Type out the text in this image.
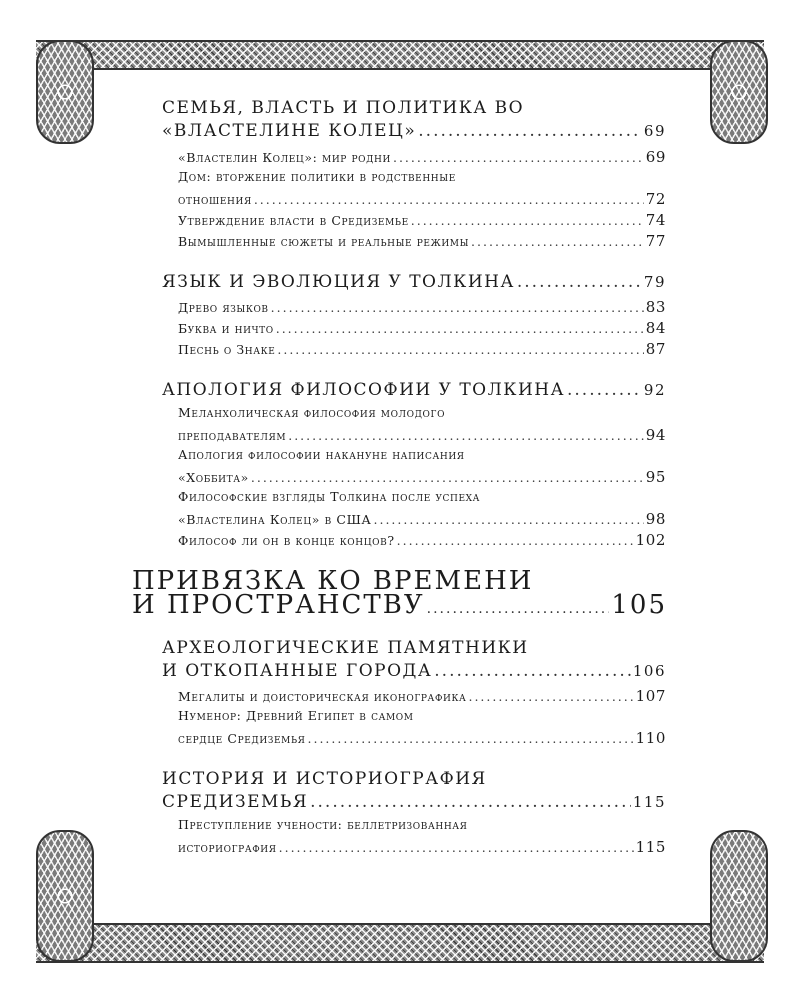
СЕМЬЯ, ВЛАСТЬ И ПОЛИТИКА ВО
«ВЛАСТЕЛИНЕ КОЛЕЦ» .....	69
«Властелин Колец»: мир родни .....	69
Дом: вторжение политики в родственные
отношения .....	72
Утверждение власти в Средиземье .....	74
Вымышленные сюжеты и реальные режимы .....	77
ЯЗЫК И ЭВОЛЮЦИЯ У ТОЛКИНА .....	79
Древо языков .....	83
Буква и ничто .....	84
Песнь о Знаке .....	87
АПОЛОГИЯ ФИЛОСОФИИ У ТОЛКИНА .....	92
Меланхолическая философия молодого
преподавателям .....	94
Апология философии накануне написания
«Хоббита» .....	95
Философские взгляды Толкина после успеха
«Властелина Колец» в США .....	98
Философ ли он в конце концов? .....	102
ПРИВЯЗКА КО ВРЕМЕНИ
И ПРОСТРАНСТВУ .....	105
АРХЕОЛОГИЧЕСКИЕ ПАМЯТНИКИ
И ОТКОПАННЫЕ ГОРОДА .....	106
Мегалиты и доисторическая иконографика .....	107
Нуменор: Древний Египет в самом
сердце Средиземья .....	110
ИСТОРИЯ И ИСТОРИОГРАФИЯ
СРЕДИЗЕМЬЯ .....	115
Преступление учености: беллетризованная
историография .....	115
